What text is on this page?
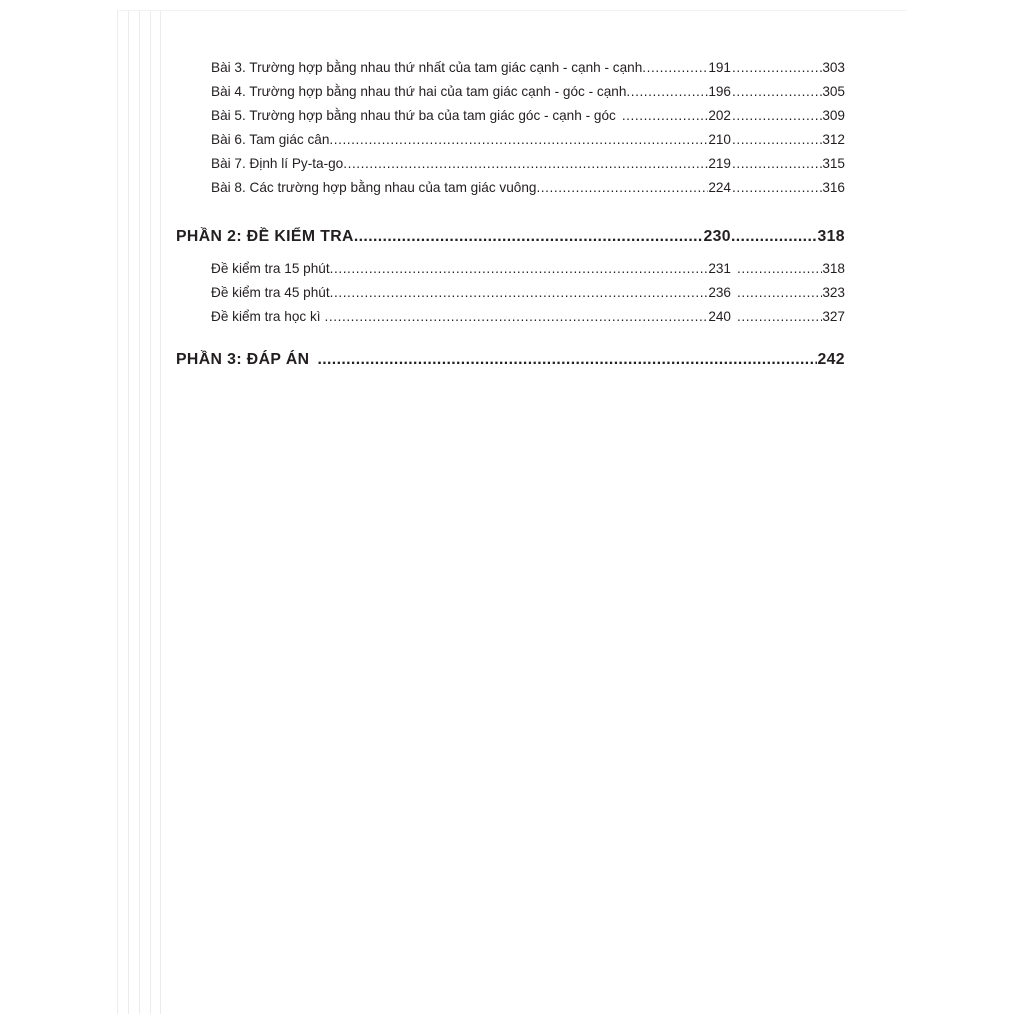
Bài 3. Trường hợp bằng nhau thứ nhất của tam giác cạnh - cạnh - cạnh . . .	191 . . .	303
Bài 4. Trường hợp bằng nhau thứ hai của tam giác cạnh - góc - cạnh . . .	196 . . .	305
Bài 5. Trường hợp bằng nhau thứ ba của tam giác góc - cạnh - góc . . .	202 . . .	309
Bài 6. Tam giác cân . . .	210 . . .	312
Bài 7. Định lí Py-ta-go . . .	219 . . .	315
Bài 8. Các trường hợp bằng nhau của tam giác vuông . . .	224 . . .	316
PHẦN 2: ĐỀ KIỂM TRA . . .	230 . . .	318
Đề kiểm tra 15 phút . . .	231 . . .	318
Đề kiểm tra 45 phút . . .	236 . . .	323
Đề kiểm tra học kì . . .	240 . . .	327
PHẦN 3: ĐÁP ÁN . . .	242
